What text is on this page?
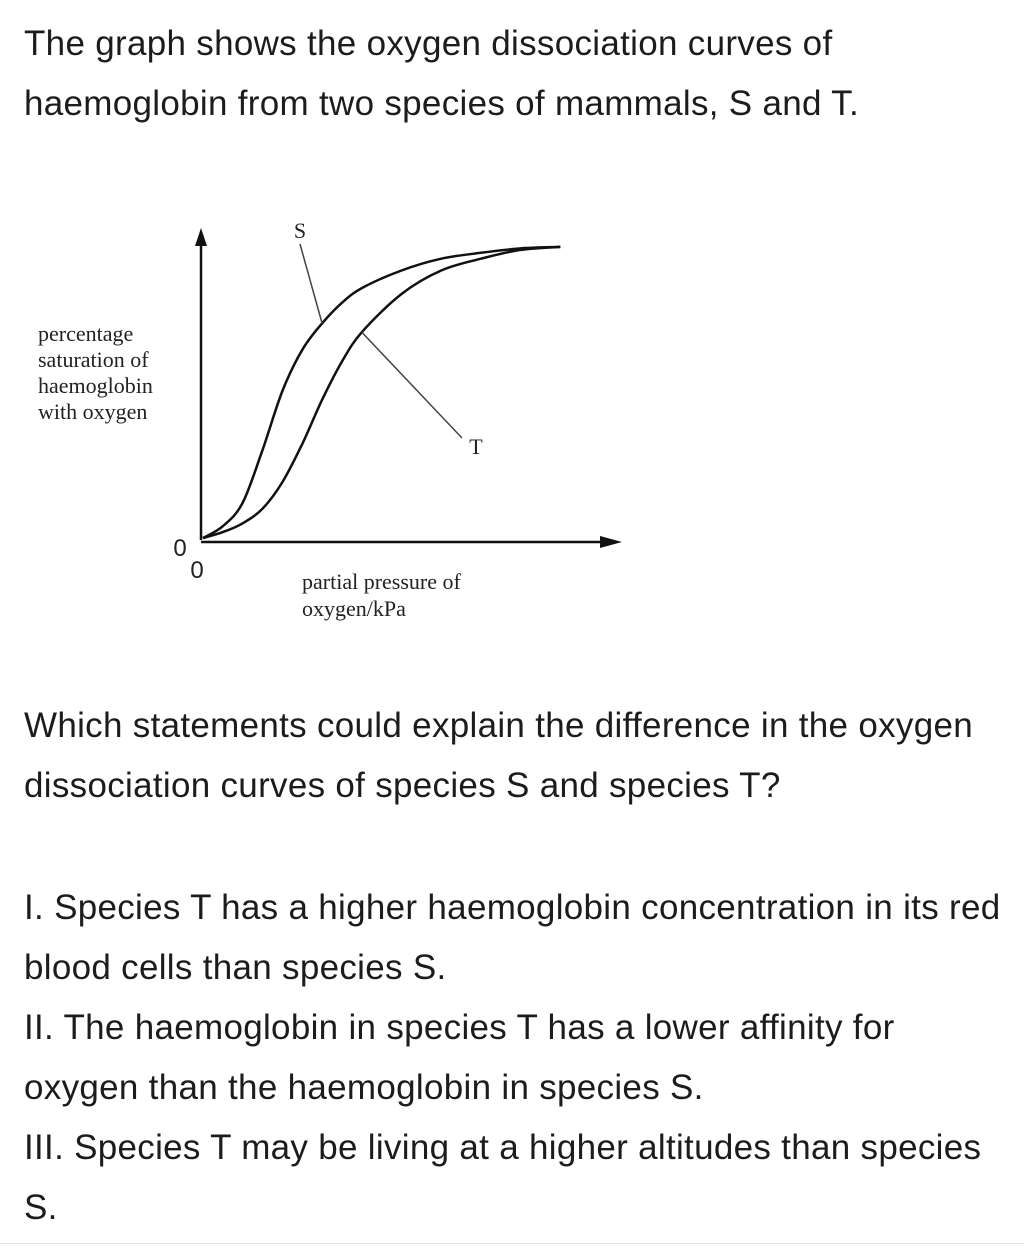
The graph shows the oxygen dissociation curves of haemoglobin from two species of mammals, S and T.

S
T
0
0
percentage saturation of haemoglobin with oxygen
partial pressure of oxygen/kPa

Which statements could explain the difference in the oxygen dissociation curves of species S and species T?

I. Species T has a higher haemoglobin concentration in its red blood cells than species S.
II. The haemoglobin in species T has a lower affinity for oxygen than the haemoglobin in species S.
III. Species T may be living at a higher altitudes than species S.
